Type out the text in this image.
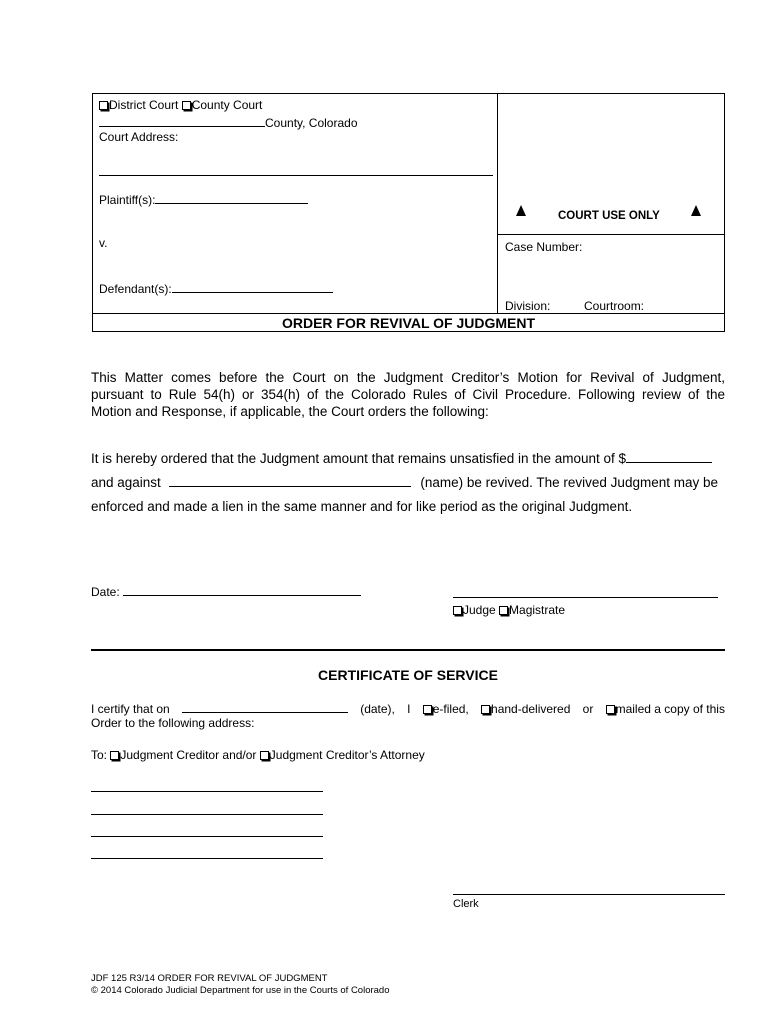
District Court County Court
County, Colorado
Court Address:
Plaintiff(s):
v.
Defendant(s):
COURT USE ONLY
Case Number:
Division:	Courtroom:
ORDER FOR REVIVAL OF JUDGMENT
This Matter comes before the Court on the Judgment Creditor’s Motion for Revival of Judgment,
pursuant to Rule 54(h) or 354(h) of the Colorado Rules of Civil Procedure. Following review of the
Motion and Response, if applicable, the Court orders the following:
It is hereby ordered that the Judgment amount that remains unsatisfied in the amount of $
and against	(name) be revived. The revived Judgment may be
enforced and made a lien in the same manner and for like period as the original Judgment.
Date:
Judge Magistrate
CERTIFICATE OF SERVICE
I certify that on	(date), I	e-filed,	hand-delivered or	mailed a copy of this
Order to the following address:
To: Judgment Creditor and/or Judgment Creditor’s Attorney
Clerk
JDF 125 R3/14 ORDER FOR REVIVAL OF JUDGMENT
© 2014 Colorado Judicial Department for use in the Courts of Colorado
